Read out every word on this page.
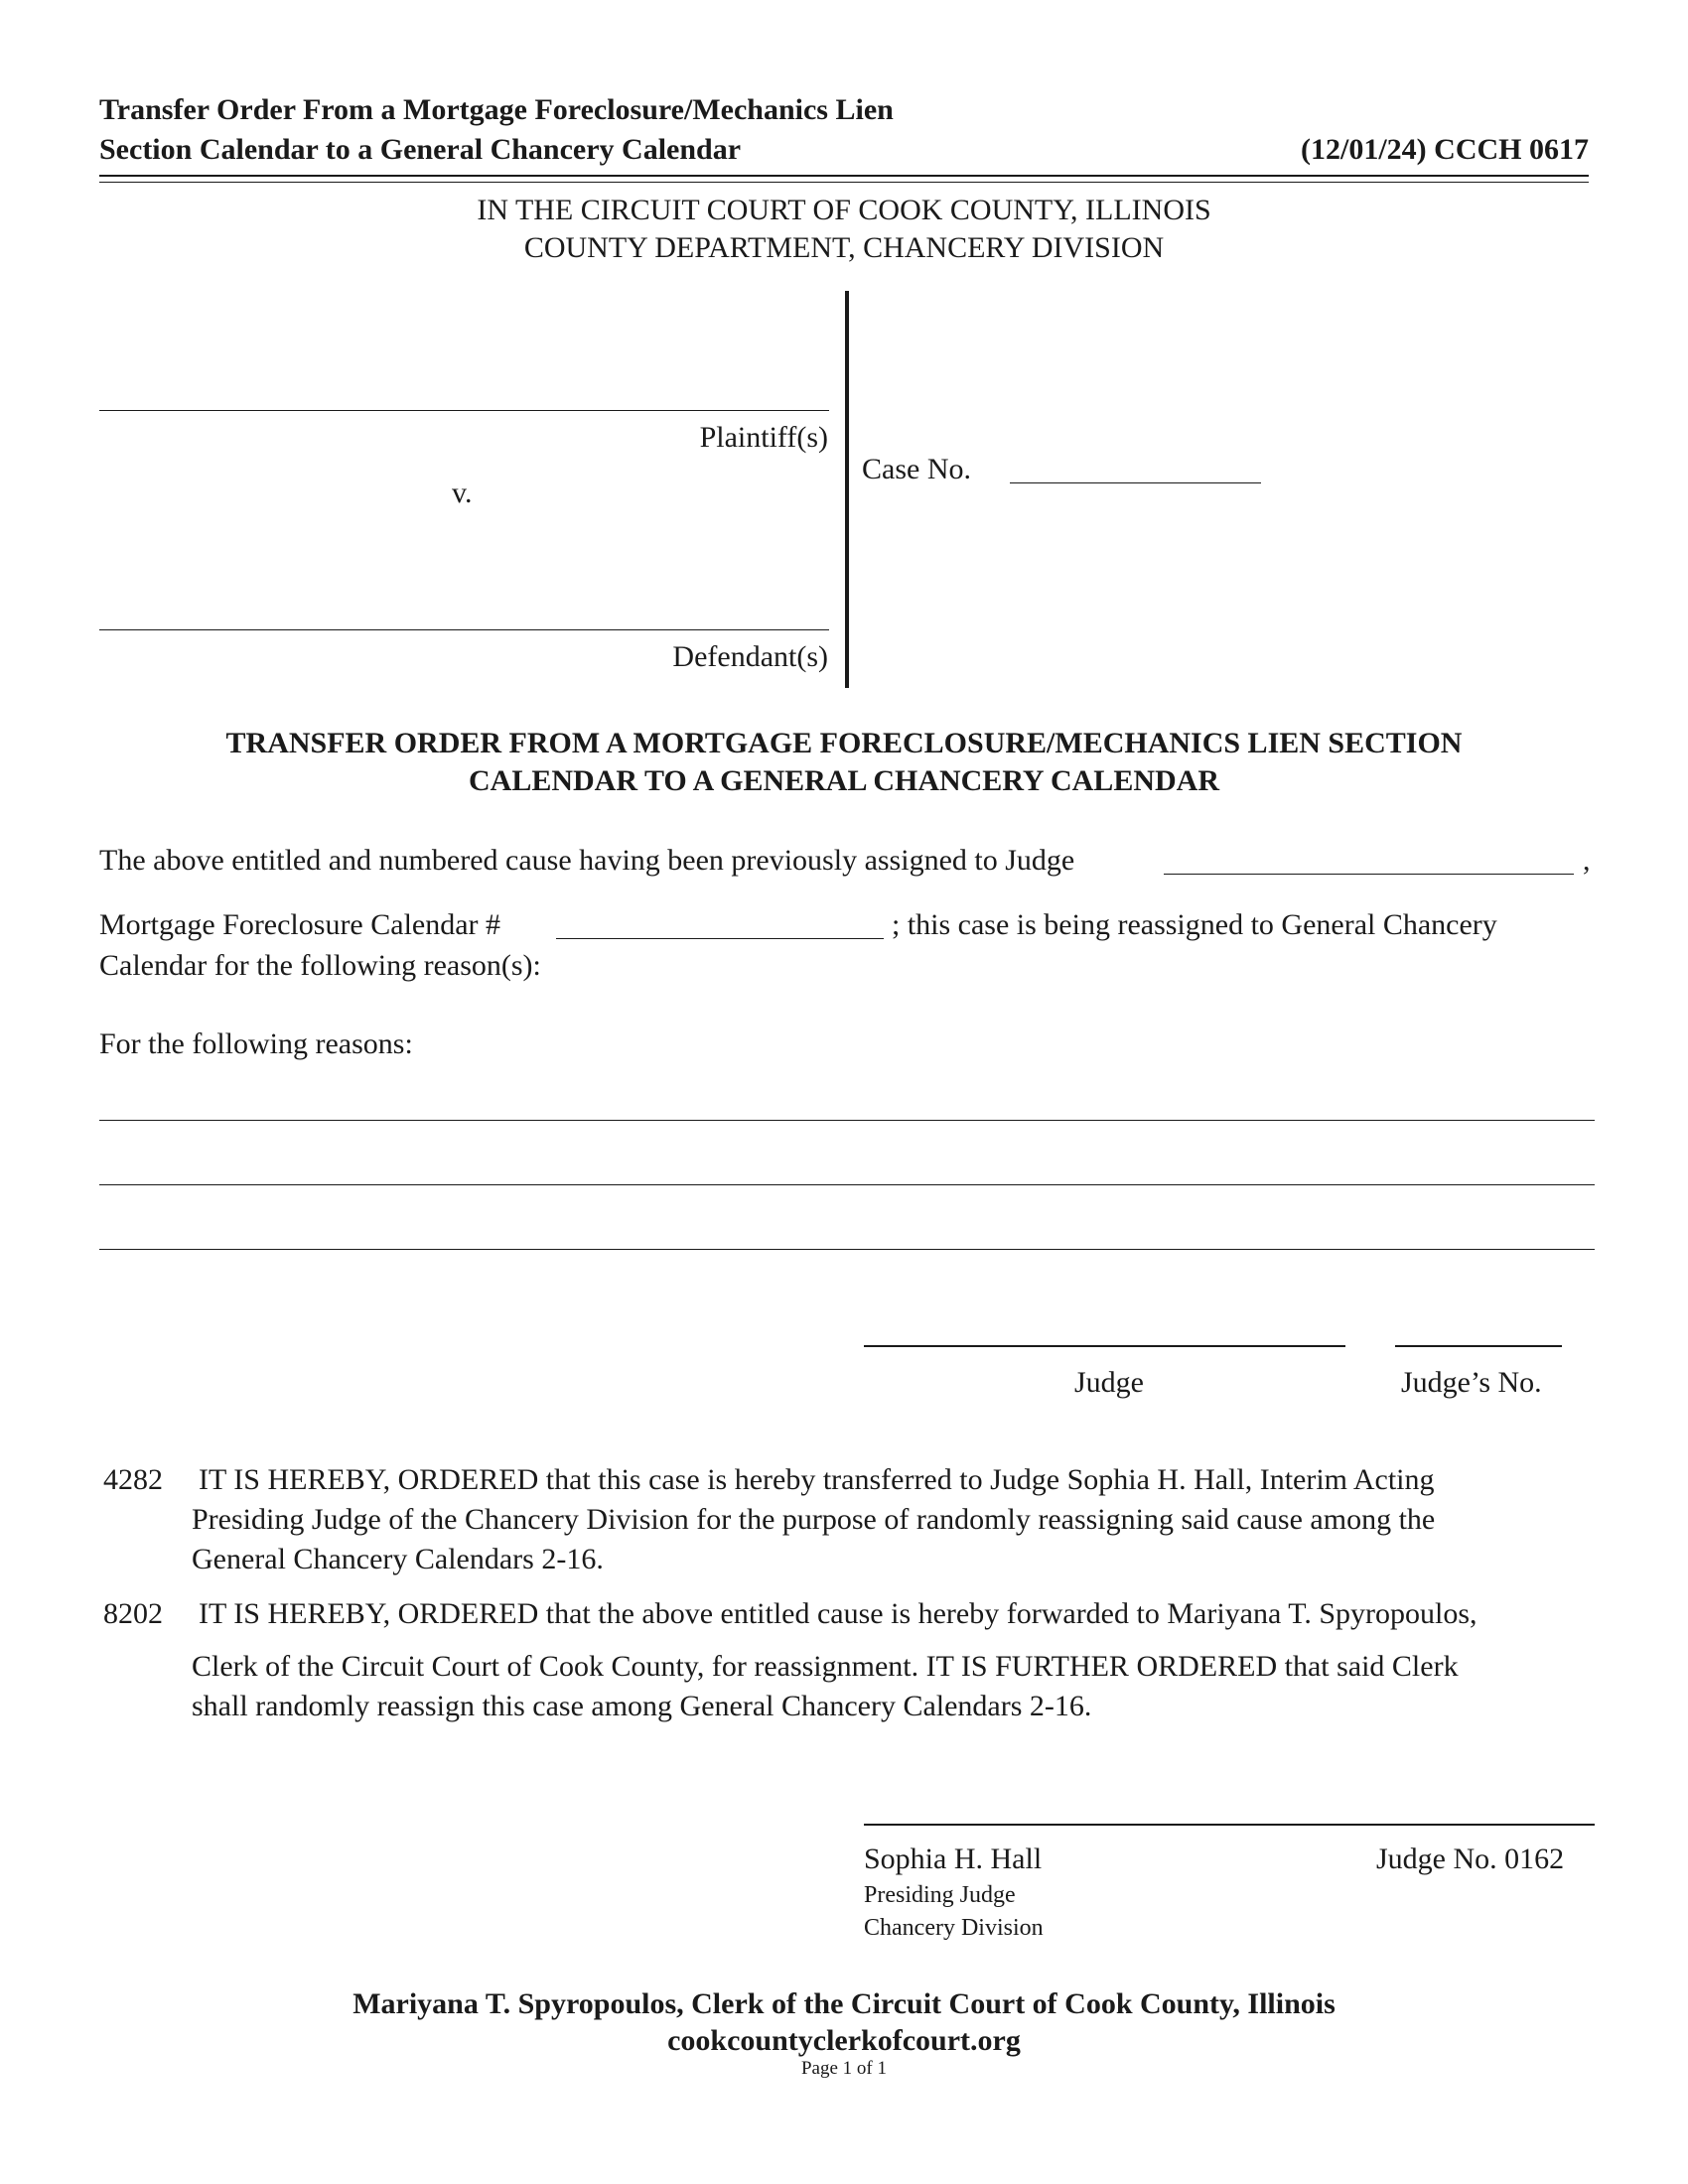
Transfer Order From a Mortgage Foreclosure/Mechanics Lien
Section Calendar to a General Chancery Calendar	(12/01/24) CCCH 0617
IN THE CIRCUIT COURT OF COOK COUNTY, ILLINOIS
COUNTY DEPARTMENT, CHANCERY DIVISION
Plaintiff(s)
v.
Defendant(s)
Case No.
TRANSFER ORDER FROM A MORTGAGE FORECLOSURE/MECHANICS LIEN SECTION
CALENDAR TO A GENERAL CHANCERY CALENDAR
The above entitled and numbered cause having been previously assigned to Judge	,
Mortgage Foreclosure Calendar #	; this case is being reassigned to General Chancery
Calendar for the following reason(s):
For the following reasons:
Judge	Judge’s No.
4282 IT IS HEREBY, ORDERED that this case is hereby transferred to Judge Sophia H. Hall, Interim Acting
Presiding Judge of the Chancery Division for the purpose of randomly reassigning said cause among the
General Chancery Calendars 2-16.
8202 IT IS HEREBY, ORDERED that the above entitled cause is hereby forwarded to Mariyana T. Spyropoulos,
Clerk of the Circuit Court of Cook County, for reassignment. IT IS FURTHER ORDERED that said Clerk
shall randomly reassign this case among General Chancery Calendars 2-16.
Sophia H. Hall	Judge No. 0162
Presiding Judge
Chancery Division
Mariyana T. Spyropoulos, Clerk of the Circuit Court of Cook County, Illinois
cookcountyclerkofcourt.org
Page 1 of 1
